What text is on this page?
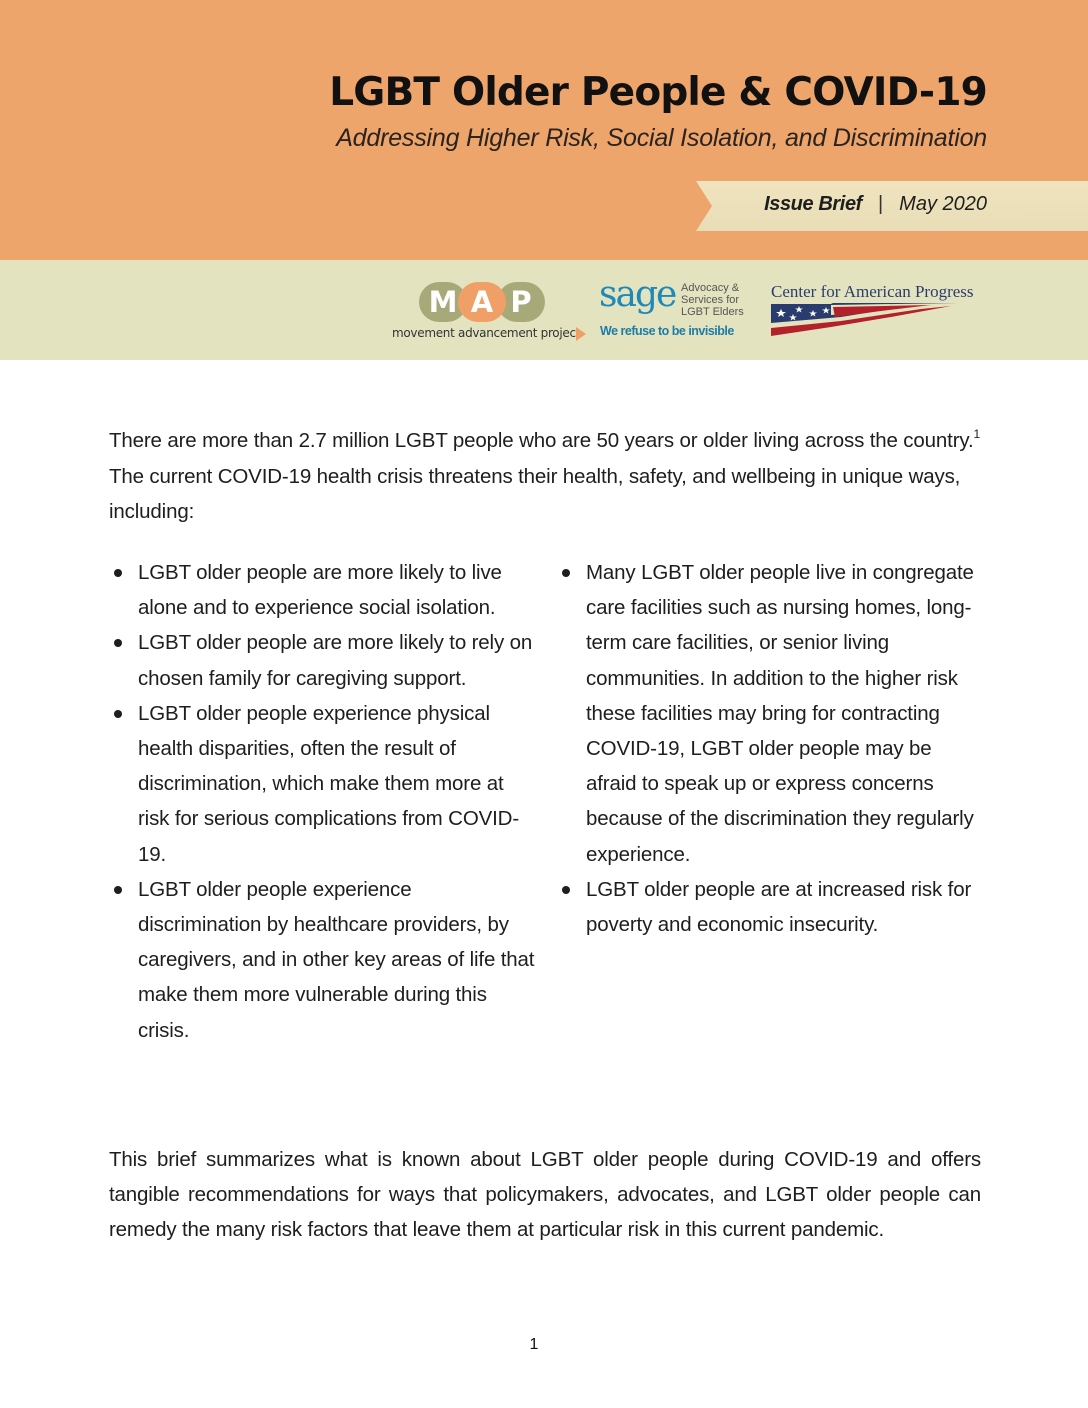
LGBT Older People & COVID-19
Addressing Higher Risk, Social Isolation, and Discrimination
Issue Brief | May 2020
M	P
A
movement advancement project
sage Advocacy &
Services for
LGBT Elders
We refuse to be invisible
Center for American Progress

There are more than 2.7 million LGBT people who are 50 years or older living across the country.$^1$ The current COVID-19 health crisis threatens their health, safety, and wellbeing in unique ways, including:

LGBT older people are more likely to live alone and to experience social isolation.
LGBT older people are more likely to rely on chosen family for caregiving support.
LGBT older people experience physical health disparities, often the result of discrimination, which make them more at risk for serious complications from COVID-19.
LGBT older people experience discrimination by healthcare providers, by caregivers, and in other key areas of life that make them more vulnerable during this crisis.
Many LGBT older people live in congregate care facilities such as nursing homes, long-term care facilities, or senior living communities. In addition to the higher risk these facilities may bring for contracting COVID-19, LGBT older people may be afraid to speak up or express concerns because of the discrimination they regularly experience.
LGBT older people are at increased risk for poverty and economic insecurity.

This brief summarizes what is known about LGBT older people during COVID-19 and offers tangible recommendations for ways that policymakers, advocates, and LGBT older people can remedy the many risk factors that leave them at particular risk in this current pandemic.

1
